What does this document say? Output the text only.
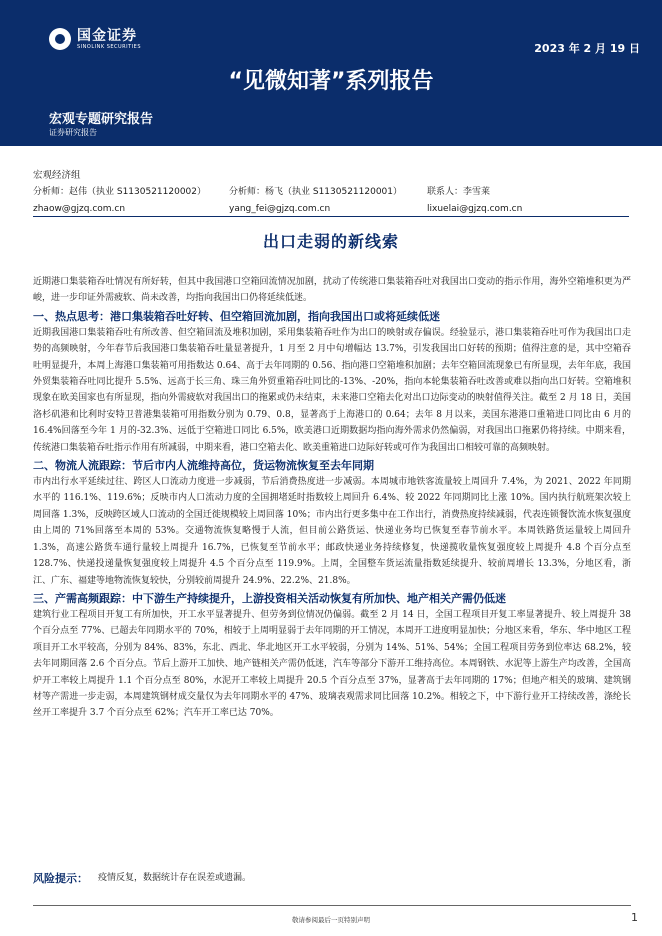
国金证券
SINOLINK SECURITIES	2023 年 2 月 19 日
“见微知著”系列报告
宏观专题研究报告
证券研究报告
宏观经济组
分析师：赵伟（执业 S1130521120002）
zhaow@gjzq.com.cn
分析师：杨飞（执业 S1130521120001）
yang_fei@gjzq.com.cn
联系人：李雪莱
lixuelai@gjzq.com.cn
出口走弱的新线索

近期港口集装箱吞吐情况有所好转，但其中我国港口空箱回流情况加剧，扰动了传统港口集装箱吞吐对我国出口变动的指示作用，海外空箱堆积更为严峻，进一步印证外需疲软、尚未改善，均指向我国出口仍将延续低迷。

一、热点思考：港口集装箱吞吐好转、但空箱回流加剧，指向我国出口或将延续低迷

近期我国港口集装箱吞吐有所改善、但空箱回流及堆积加剧，采用集装箱吞吐作为出口的映射或存偏误。经验显示，港口集装箱吞吐可作为我国出口走势的高频映射，今年春节后我国港口集装箱吞吐量显著提升，1 月至 2 月中旬增幅达 13.7%，引发我国出口好转的预期；值得注意的是，其中空箱吞吐明显提升，本周上海港口集装箱可用指数达 0.64、高于去年同期的 0.56、指向港口空箱堆积加剧；去年空箱回流现象已有所显现，去年年底，我国外贸集装箱吞吐同比提升 5.5%、远高于长三角、珠三角外贸重箱吞吐同比的-13%、-20%，指向本轮集装箱吞吐改善或难以指向出口好转。空箱堆积现象在欧美国家也有所显现，指向外需疲软对我国出口的拖累或仍未结束，未来港口空箱去化对出口边际变动的映射值得关注。截至 2 月 18 日，美国洛杉矶港和比利时安特卫普港集装箱可用指数分别为 0.79、0.8，显著高于上海港口的 0.64；去年 8 月以来，美国东港港口重箱进口同比由 6 月的 16.4%回落至今年 1 月的-32.3%、远低于空箱进口同比 6.5%，欧美港口近期数据均指向海外需求仍然偏弱，对我国出口拖累仍将持续。中期来看，传统港口集装箱吞吐指示作用有所减弱，中期来看，港口空箱去化、欧美重箱进口边际好转或可作为我国出口相较可靠的高频映射。

二、物流人流跟踪：节后市内人流维持高位，货运物流恢复至去年同期

市内出行水平延续过往、跨区人口流动力度进一步减弱，节后消费热度进一步减弱。本周城市地铁客流量较上周回升 7.4%，为 2021、2022 年同期水平的 116.1%、119.6%；反映市内人口流动力度的全国拥堵延时指数较上周回升 6.4%、较 2022 年同期同比上涨 10%。国内执行航班架次较上周回落 1.3%，反映跨区域人口流动的全国迁徙规模较上周回落 10%；市内出行更多集中在工作出行，消费热度持续减弱，代表连锁餐饮流水恢复强度由上周的 71%回落至本周的 53%。交通物流恢复略慢于人流，但目前公路货运、快递业务均已恢复至春节前水平。本周铁路货运量较上周回升 1.3%，高速公路货车通行量较上周提升 16.7%，已恢复至节前水平；邮政快递业务持续修复，快递揽收量恢复强度较上周提升 4.8 个百分点至 128.7%、快递投递量恢复强度较上周提升 4.5 个百分点至 119.9%。上周，全国整车货运流量指数延续提升、较前周增长 13.3%，分地区看，浙江、广东、福建等地物流恢复较快，分别较前周提升 24.9%、22.2%、21.8%。

三、产需高频跟踪：中下游生产持续提升，上游投资相关活动恢复有所加快、地产相关产需仍低迷

建筑行业工程项目开复工有所加快，开工水平显著提升、但劳务到位情况仍偏弱。截至 2 月 14 日，全国工程项目开复工率显著提升、较上周提升 38 个百分点至 77%、已超去年同期水平的 70%，相较于上周明显弱于去年同期的开工情况，本周开工进度明显加快；分地区来看，华东、华中地区工程项目开工水平较高，分别为 84%、83%，东北、西北、华北地区开工水平较弱，分别为 14%、51%、54%；全国工程项目劳务到位率达 68.2%，较去年同期回落 2.6 个百分点。节后上游开工加快、地产链相关产需仍低迷，汽车等部分下游开工维持高位。本周钢铁、水泥等上游生产均改善，全国高炉开工率较上周提升 1.1 个百分点至 80%，水泥开工率较上周提升 20.5 个百分点至 37%，显著高于去年同期的 17%；但地产相关的玻璃、建筑钢材等产需进一步走弱，本周建筑钢材成交量仅为去年同期水平的 47%、玻璃表观需求同比回落 10.2%。相较之下，中下游行业开工持续改善，涤纶长丝开工率提升 3.7 个百分点至 62%；汽车开工率已达 70%。

风险提示： 疫情反复，数据统计存在误差或遗漏。
敬请参阅最后一页特别声明	1
